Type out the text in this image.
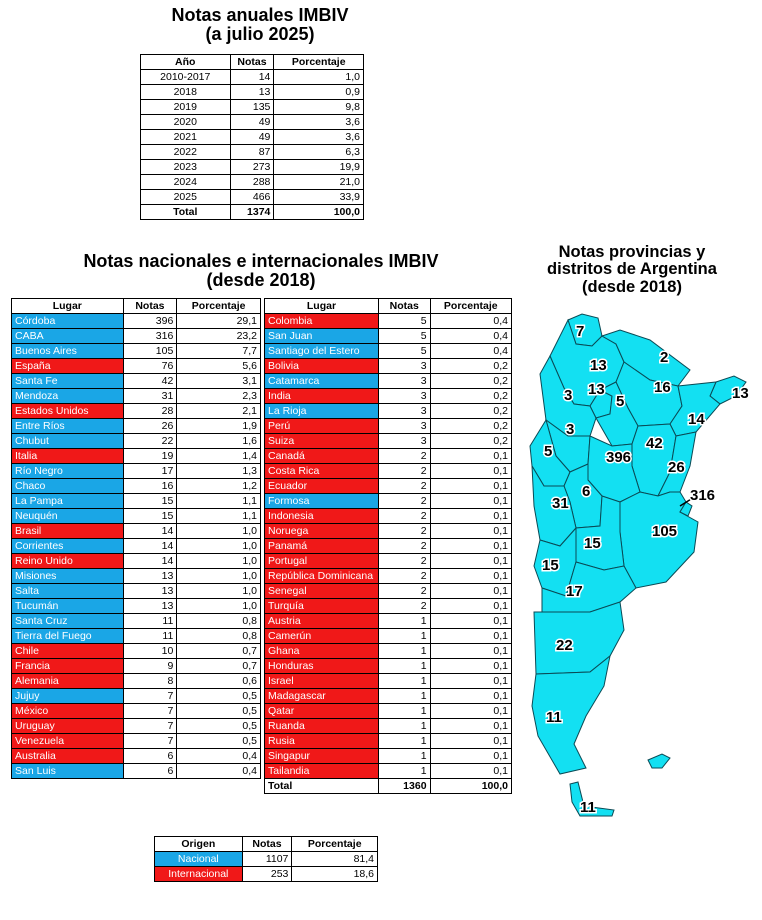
Notas anuales IMBIV
(a julio 2025)
Año	Notas	Porcentaje
2010-2017	14	1,0
2018	13	0,9
2019	135	9,8
2020	49	3,6
2021	49	3,6
2022	87	6,3
2023	273	19,9
2024	288	21,0
2025	466	33,9
Total	1374	100,0
Notas nacionales e internacionales IMBIV
(desde 2018)
Lugar	Notas	Porcentaje
Córdoba	396	29,1
CABA	316	23,2
Buenos Aires	105	7,7
España	76	5,6
Santa Fe	42	3,1
Mendoza	31	2,3
Estados Unidos	28	2,1
Entre Ríos	26	1,9
Chubut	22	1,6
Italia	19	1,4
Río Negro	17	1,3
Chaco	16	1,2
La Pampa	15	1,1
Neuquén	15	1,1
Brasil	14	1,0
Corrientes	14	1,0
Reino Unido	14	1,0
Misiones	13	1,0
Salta	13	1,0
Tucumán	13	1,0
Santa Cruz	11	0,8
Tierra del Fuego	11	0,8
Chile	10	0,7
Francia	9	0,7
Alemania	8	0,6
Jujuy	7	0,5
México	7	0,5
Uruguay	7	0,5
Venezuela	7	0,5
Australia	6	0,4
San Luis	6	0,4
Lugar	Notas	Porcentaje
Colombia	5	0,4
San Juan	5	0,4
Santiago del Estero	5	0,4
Bolivia	3	0,2
Catamarca	3	0,2
India	3	0,2
La Rioja	3	0,2
Perú	3	0,2
Suiza	3	0,2
Canadá	2	0,1
Costa Rica	2	0,1
Ecuador	2	0,1
Formosa	2	0,1
Indonesia	2	0,1
Noruega	2	0,1
Panamá	2	0,1
Portugal	2	0,1
República Dominicana	2	0,1
Senegal	2	0,1
Turquía	2	0,1
Austria	1	0,1
Camerún	1	0,1
Ghana	1	0,1
Honduras	1	0,1
Israel	1	0,1
Madagascar	1	0,1
Qatar	1	0,1
Ruanda	1	0,1
Rusia	1	0,1
Singapur	1	0,1
Tailandia	1	0,1
Total	1360	100,0
Origen	Notas	Porcentaje
Nacional	1107	81,4
Internacional	253	18,6
Notas provincias y
distritos de Argentina
(desde 2018)
7
13	2
3 13	16	13
5
14
3
42
5	396
26
6	316
31
105
15
15
17
22
11
11
